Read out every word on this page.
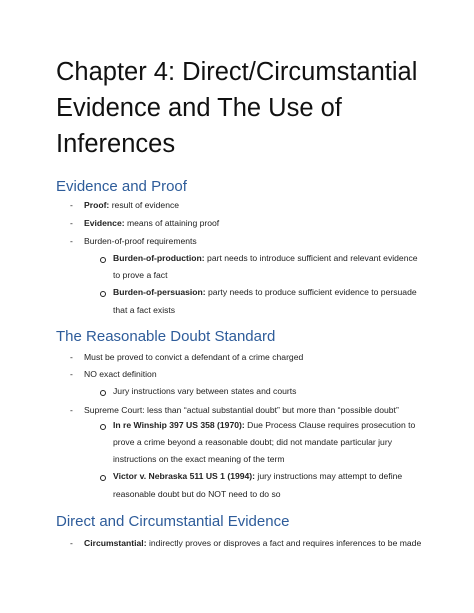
Chapter 4: Direct/Circumstantial Evidence and The Use of Inferences
Evidence and Proof
-	Proof: result of evidence
-	Evidence: means of attaining proof
-	Burden-of-proof requirements
Burden-of-production: part needs to introduce sufficient and relevant evidence
to prove a fact
Burden-of-persuasion: party needs to produce sufficient evidence to persuade
that a fact exists
The Reasonable Doubt Standard
-	Must be proved to convict a defendant of a crime charged
-	NO exact definition
Jury instructions vary between states and courts
-	Supreme Court: less than “actual substantial doubt” but more than “possible doubt”
In re Winship 397 US 358 (1970): Due Process Clause requires prosecution to
prove a crime beyond a reasonable doubt; did not mandate particular jury
instructions on the exact meaning of the term
Victor v. Nebraska 511 US 1 (1994): jury instructions may attempt to define
reasonable doubt but do NOT need to do so
Direct and Circumstantial Evidence
-	Circumstantial: indirectly proves or disproves a fact and requires inferences to be made
